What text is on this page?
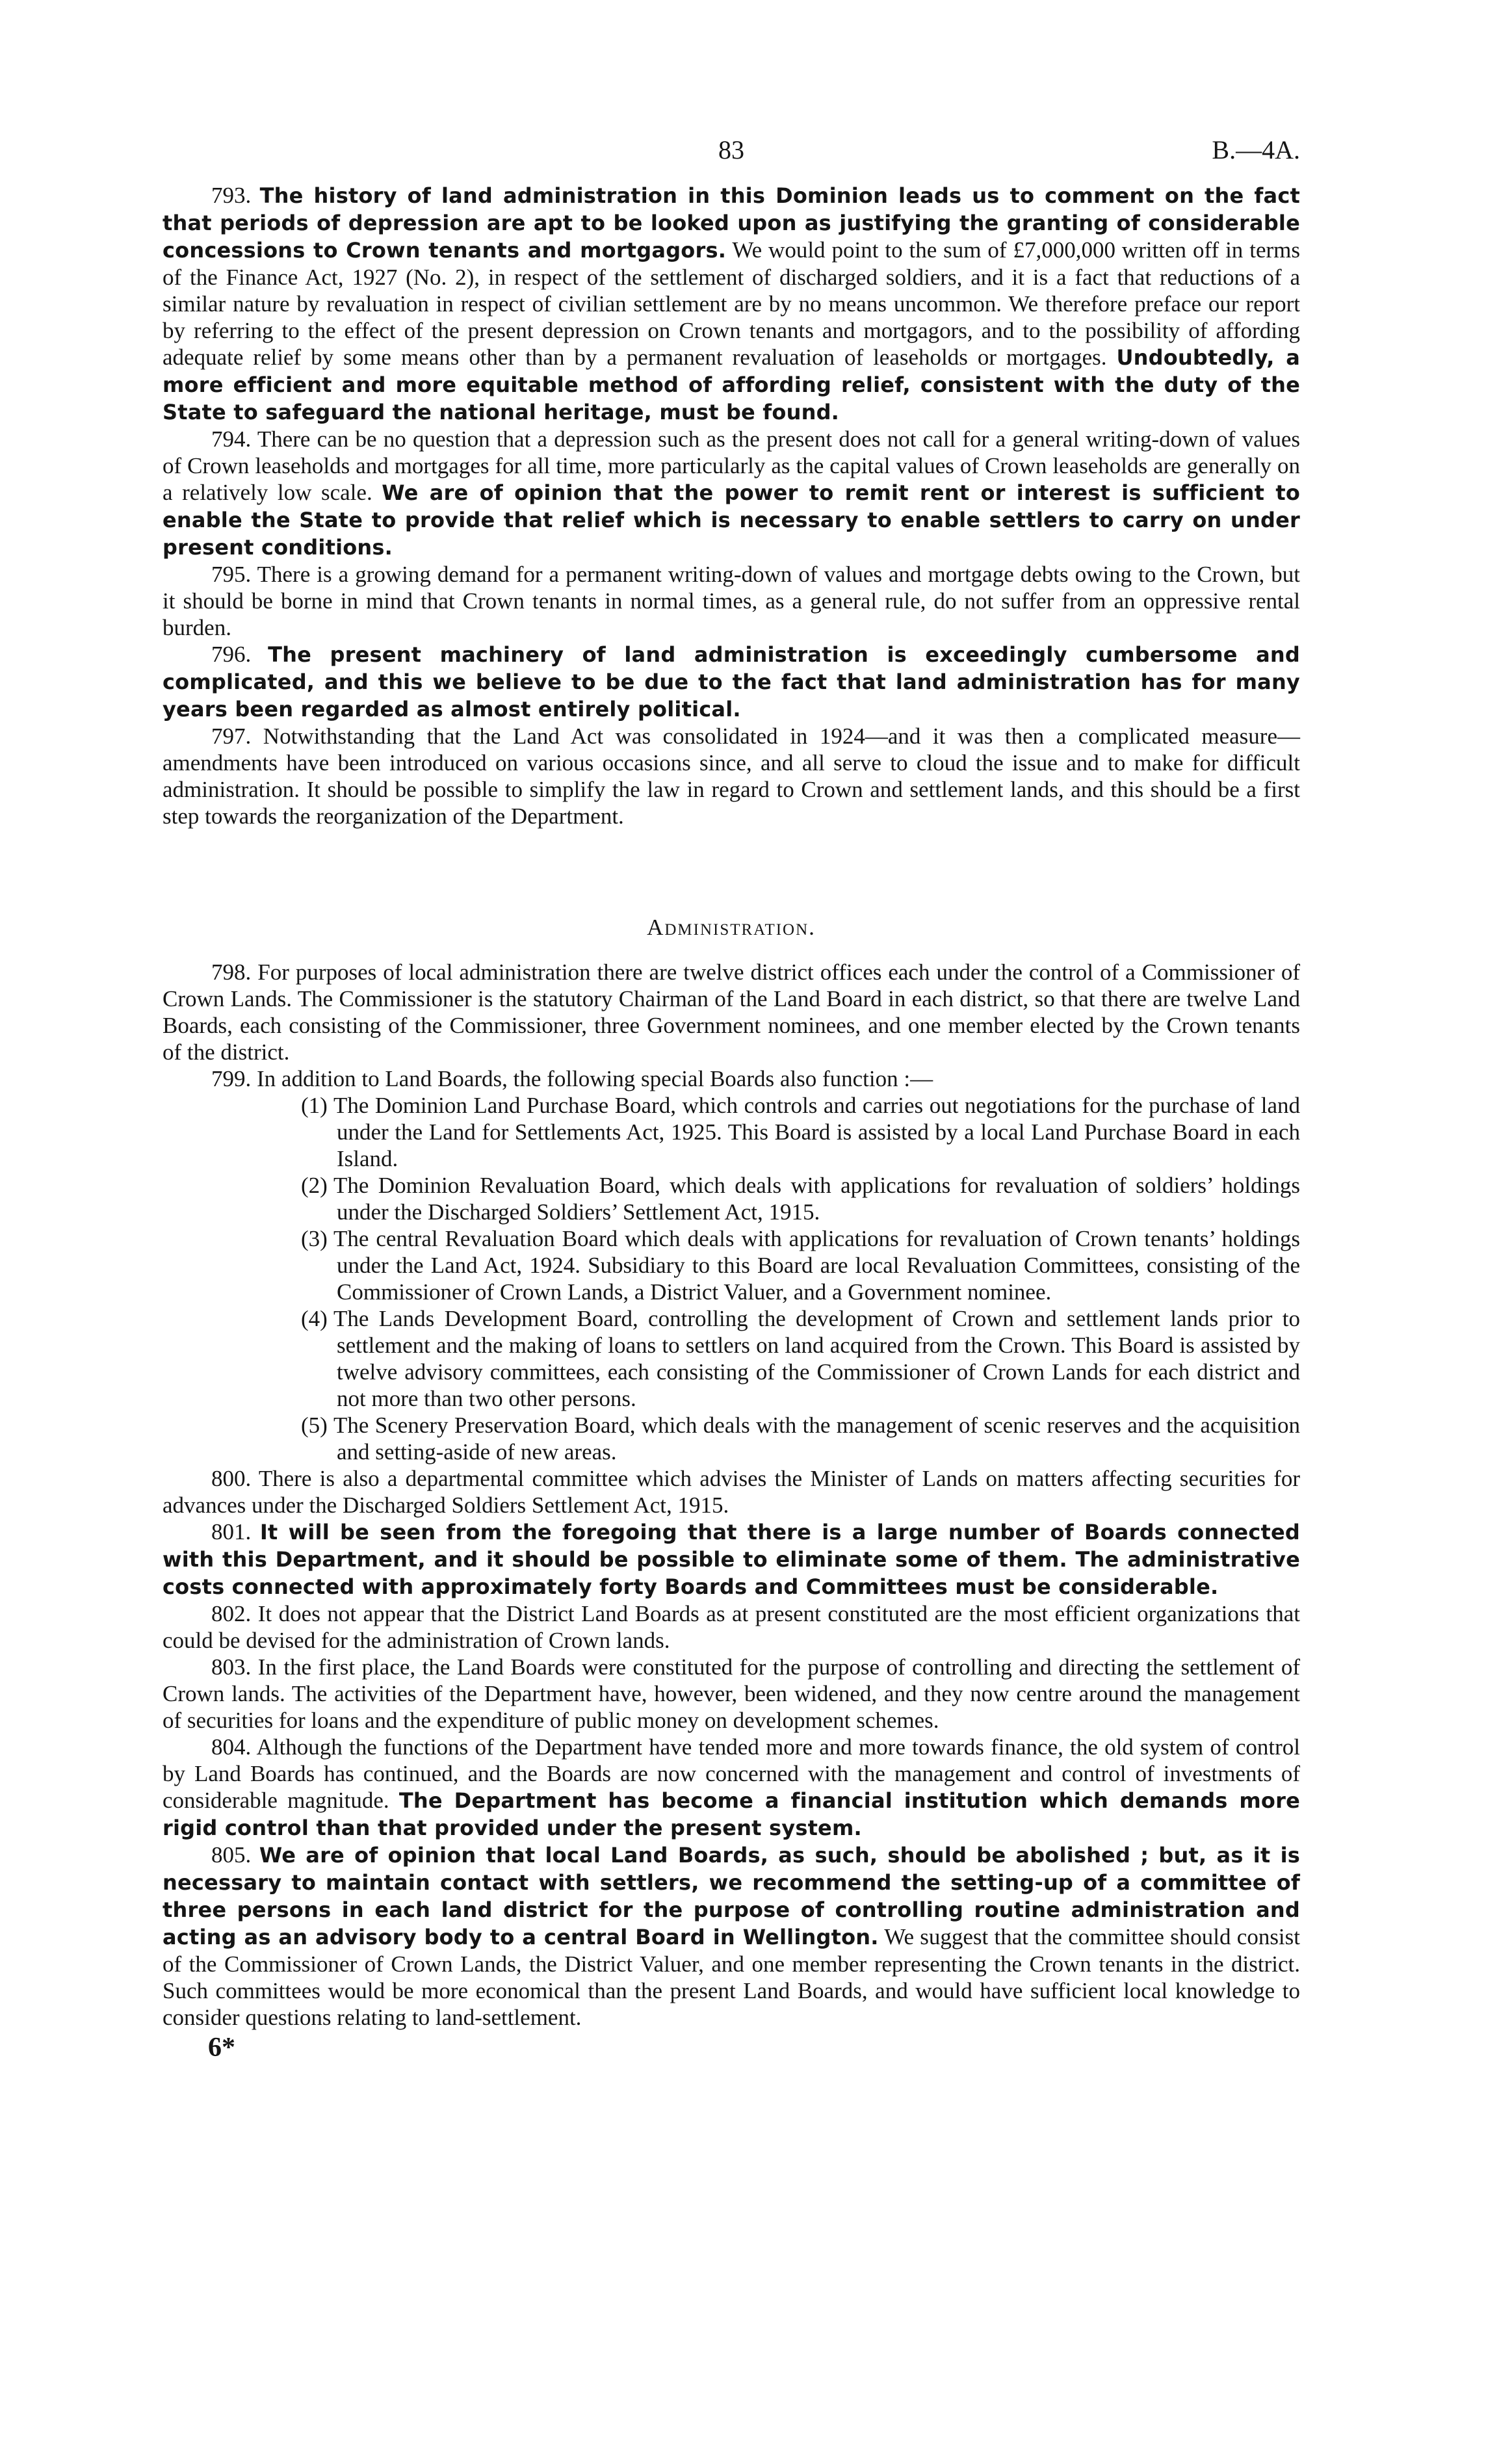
83	B.—4A.

793. The history of land administration in this Dominion leads us to comment on the fact that periods of depression are apt to be looked upon as justifying the granting of considerable concessions to Crown tenants and mortgagors. We would point to the sum of £7,000,000 written off in terms of the Finance Act, 1927 (No. 2), in respect of the settlement of discharged soldiers, and it is a fact that reductions of a similar nature by revaluation in respect of civilian settlement are by no means uncommon. We therefore preface our report by referring to the effect of the present depression on Crown tenants and mortgagors, and to the possibility of affording adequate relief by some means other than by a permanent revaluation of leaseholds or mortgages. Undoubtedly, a more efficient and more equitable method of affording relief, consistent with the duty of the State to safeguard the national heritage, must be found.

794. There can be no question that a depression such as the present does not call for a general writing-down of values of Crown leaseholds and mortgages for all time, more particularly as the capital values of Crown leaseholds are generally on a relatively low scale. We are of opinion that the power to remit rent or interest is sufficient to enable the State to provide that relief which is necessary to enable settlers to carry on under present conditions.

795. There is a growing demand for a permanent writing-down of values and mortgage debts owing to the Crown, but it should be borne in mind that Crown tenants in normal times, as a general rule, do not suffer from an oppressive rental burden.

796. The present machinery of land administration is exceedingly cumbersome and complicated, and this we believe to be due to the fact that land administration has for many years been regarded as almost entirely political.

797. Notwithstanding that the Land Act was consolidated in 1924—and it was then a complicated measure—amendments have been introduced on various occasions since, and all serve to cloud the issue and to make for difficult administration. It should be possible to simplify the law in regard to Crown and settlement lands, and this should be a first step towards the reorganization of the Department.

Administration.

798. For purposes of local administration there are twelve district offices each under the control of a Commissioner of Crown Lands. The Commissioner is the statutory Chairman of the Land Board in each district, so that there are twelve Land Boards, each consisting of the Commissioner, three Government nominees, and one member elected by the Crown tenants of the district.

799. In addition to Land Boards, the following special Boards also function :—

(1) The Dominion Land Purchase Board, which controls and carries out negotiations for the purchase of land under the Land for Settlements Act, 1925. This Board is assisted by a local Land Purchase Board in each Island.
(2) The Dominion Revaluation Board, which deals with applications for revaluation of soldiers’ holdings under the Discharged Soldiers’ Settlement Act, 1915.
(3) The central Revaluation Board which deals with applications for revaluation of Crown tenants’ holdings under the Land Act, 1924. Subsidiary to this Board are local Revaluation Committees, consisting of the Commissioner of Crown Lands, a District Valuer, and a Government nominee.
(4) The Lands Development Board, controlling the development of Crown and settlement lands prior to settlement and the making of loans to settlers on land acquired from the Crown. This Board is assisted by twelve advisory committees, each consisting of the Commissioner of Crown Lands for each district and not more than two other persons.
(5) The Scenery Preservation Board, which deals with the management of scenic reserves and the acquisition and setting-aside of new areas.

800. There is also a departmental committee which advises the Minister of Lands on matters affecting securities for advances under the Discharged Soldiers Settlement Act, 1915.

801. It will be seen from the foregoing that there is a large number of Boards connected with this Department, and it should be possible to eliminate some of them. The administrative costs connected with approximately forty Boards and Committees must be considerable.

802. It does not appear that the District Land Boards as at present constituted are the most efficient organizations that could be devised for the administration of Crown lands.

803. In the first place, the Land Boards were constituted for the purpose of controlling and directing the settlement of Crown lands. The activities of the Department have, however, been widened, and they now centre around the management of securities for loans and the expenditure of public money on development schemes.

804. Although the functions of the Department have tended more and more towards finance, the old system of control by Land Boards has continued, and the Boards are now concerned with the management and control of investments of considerable magnitude. The Department has become a financial institution which demands more rigid control than that provided under the present system.

805. We are of opinion that local Land Boards, as such, should be abolished ; but, as it is necessary to maintain contact with settlers, we recommend the setting-up of a committee of three persons in each land district for the purpose of controlling routine administration and acting as an advisory body to a central Board in Wellington. We suggest that the committee should consist of the Commissioner of Crown Lands, the District Valuer, and one member representing the Crown tenants in the district. Such committees would be more economical than the present Land Boards, and would have sufficient local knowledge to consider questions relating to land-settlement.

6*
